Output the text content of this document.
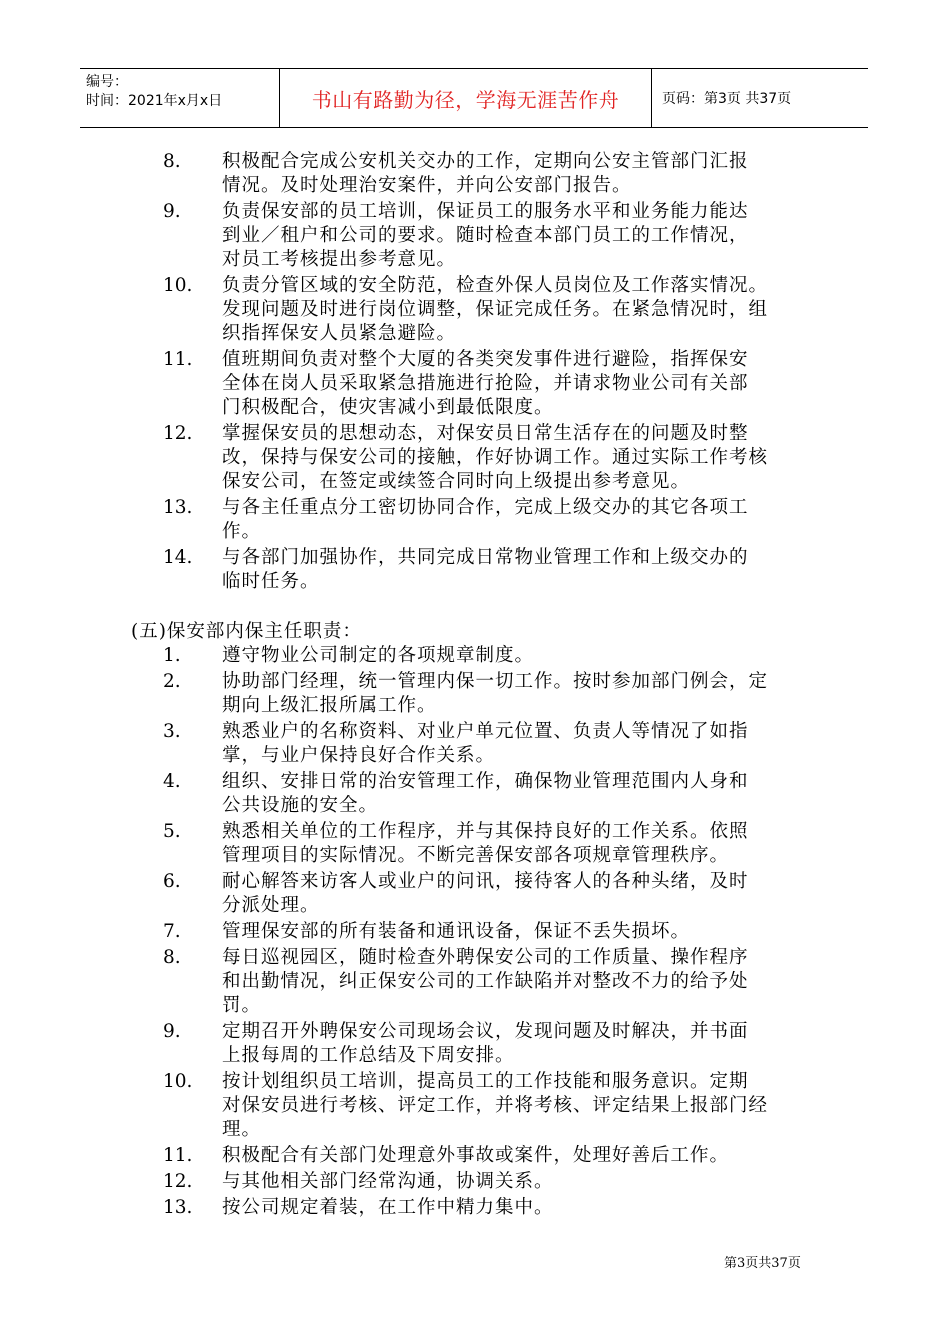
编号：
时间：2021年x月x日	书山有路勤为径，学海无涯苦作舟	页码：第3页 共37页
8.	积极配合完成公安机关交办的工作，定期向公安主管部门汇报
情况。及时处理治安案件，并向公安部门报告。
9.	负责保安部的员工培训，保证员工的服务水平和业务能力能达
到业／租户和公司的要求。随时检查本部门员工的工作情况，
对员工考核提出参考意见。
10.	负责分管区域的安全防范，检查外保人员岗位及工作落实情况。
发现问题及时进行岗位调整，保证完成任务。在紧急情况时，组
织指挥保安人员紧急避险。
11.	值班期间负责对整个大厦的各类突发事件进行避险，指挥保安
全体在岗人员采取紧急措施进行抢险，并请求物业公司有关部
门积极配合，使灾害减小到最低限度。
12.	掌握保安员的思想动态，对保安员日常生活存在的问题及时整
改，保持与保安公司的接触，作好协调工作。通过实际工作考核
保安公司，在签定或续签合同时向上级提出参考意见。
13.	与各主任重点分工密切协同合作，完成上级交办的其它各项工
作。
14.	与各部门加强协作，共同完成日常物业管理工作和上级交办的
临时任务。
(五)保安部内保主任职责：
1.	遵守物业公司制定的各项规章制度。
2.	协助部门经理，统一管理内保一切工作。按时参加部门例会，定
期向上级汇报所属工作。
3.	熟悉业户的名称资料、对业户单元位置、负责人等情况了如指
掌，与业户保持良好合作关系。
4.	组织、安排日常的治安管理工作，确保物业管理范围内人身和
公共设施的安全。
5.	熟悉相关单位的工作程序，并与其保持良好的工作关系。依照
管理项目的实际情况。不断完善保安部各项规章管理秩序。
6.	耐心解答来访客人或业户的问讯，接待客人的各种头绪，及时
分派处理。
7.	管理保安部的所有装备和通讯设备，保证不丢失损坏。
8.	每日巡视园区，随时检查外聘保安公司的工作质量、操作程序
和出勤情况，纠正保安公司的工作缺陷并对整改不力的给予处
罚。
9.	定期召开外聘保安公司现场会议，发现问题及时解决，并书面
上报每周的工作总结及下周安排。
10.	按计划组织员工培训，提高员工的工作技能和服务意识。定期
对保安员进行考核、评定工作，并将考核、评定结果上报部门经
理。
11.	积极配合有关部门处理意外事故或案件，处理好善后工作。
12.	与其他相关部门经常沟通，协调关系。
13.	按公司规定着装，在工作中精力集中。
第3页共37页
